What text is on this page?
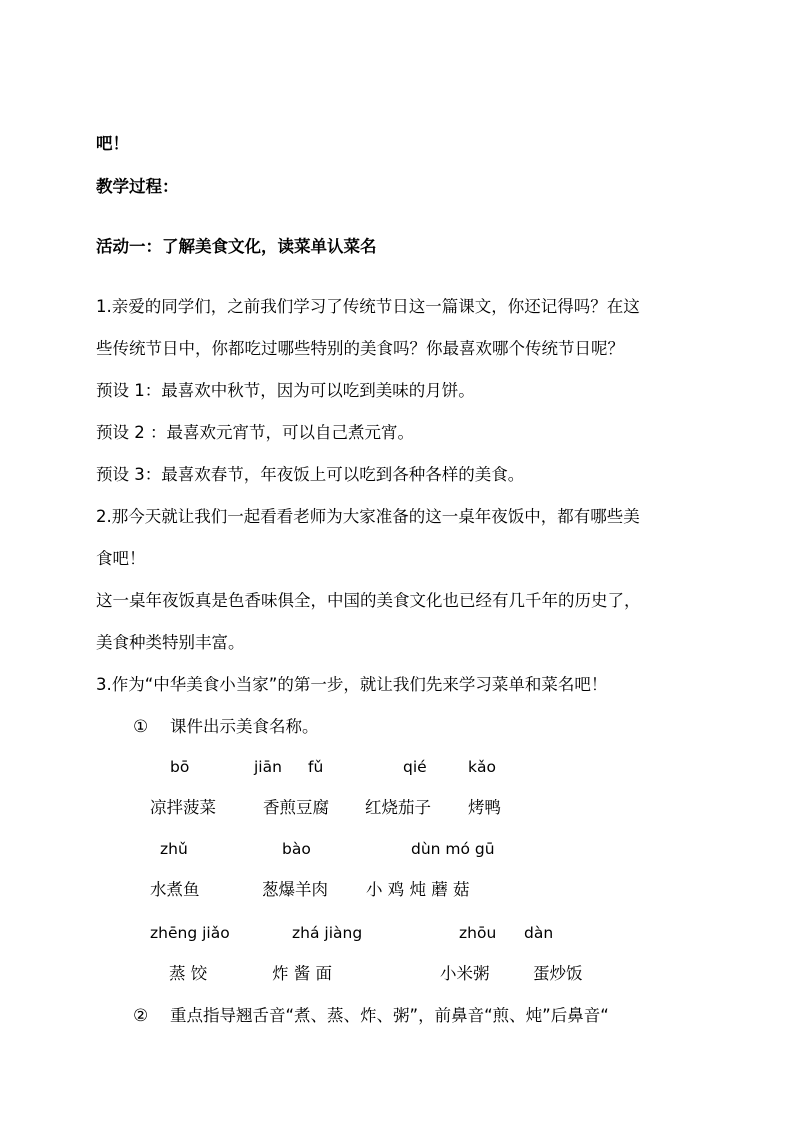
吧！
教学过程：
活动一：了解美食文化，读菜单认菜名
1.亲爱的同学们，之前我们学习了传统节日这一篇课文，你还记得吗？在这
些传统节日中，你都吃过哪些特别的美食吗？你最喜欢哪个传统节日呢？
预设 1：最喜欢中秋节，因为可以吃到美味的月饼。
预设 2 ：最喜欢元宵节，可以自己煮元宵。
预设 3：最喜欢春节，年夜饭上可以吃到各种各样的美食。
2.那今天就让我们一起看看老师为大家准备的这一桌年夜饭中，都有哪些美
食吧！
这一桌年夜饭真是色香味俱全，中国的美食文化也已经有几千年的历史了，
美食种类特别丰富。
3.作为“中华美食小当家”的第一步，就让我们先来学习菜单和菜名吧！
① 课件出示美食名称。
bō	jiān fǔ	qié	kǎo
凉拌菠菜	香煎豆腐 红烧茄子 烤鸭
zhǔ	bào	dùn mó gū
水煮鱼	葱爆羊肉 小 鸡 炖 蘑 菇
zhēng jiǎo	zhá jiàng	zhōu dàn
蒸 饺	炸 酱 面	小米粥	蛋炒饭
② 重点指导翘舌音“煮、蒸、炸、粥”，前鼻音“煎、炖”后鼻音“
